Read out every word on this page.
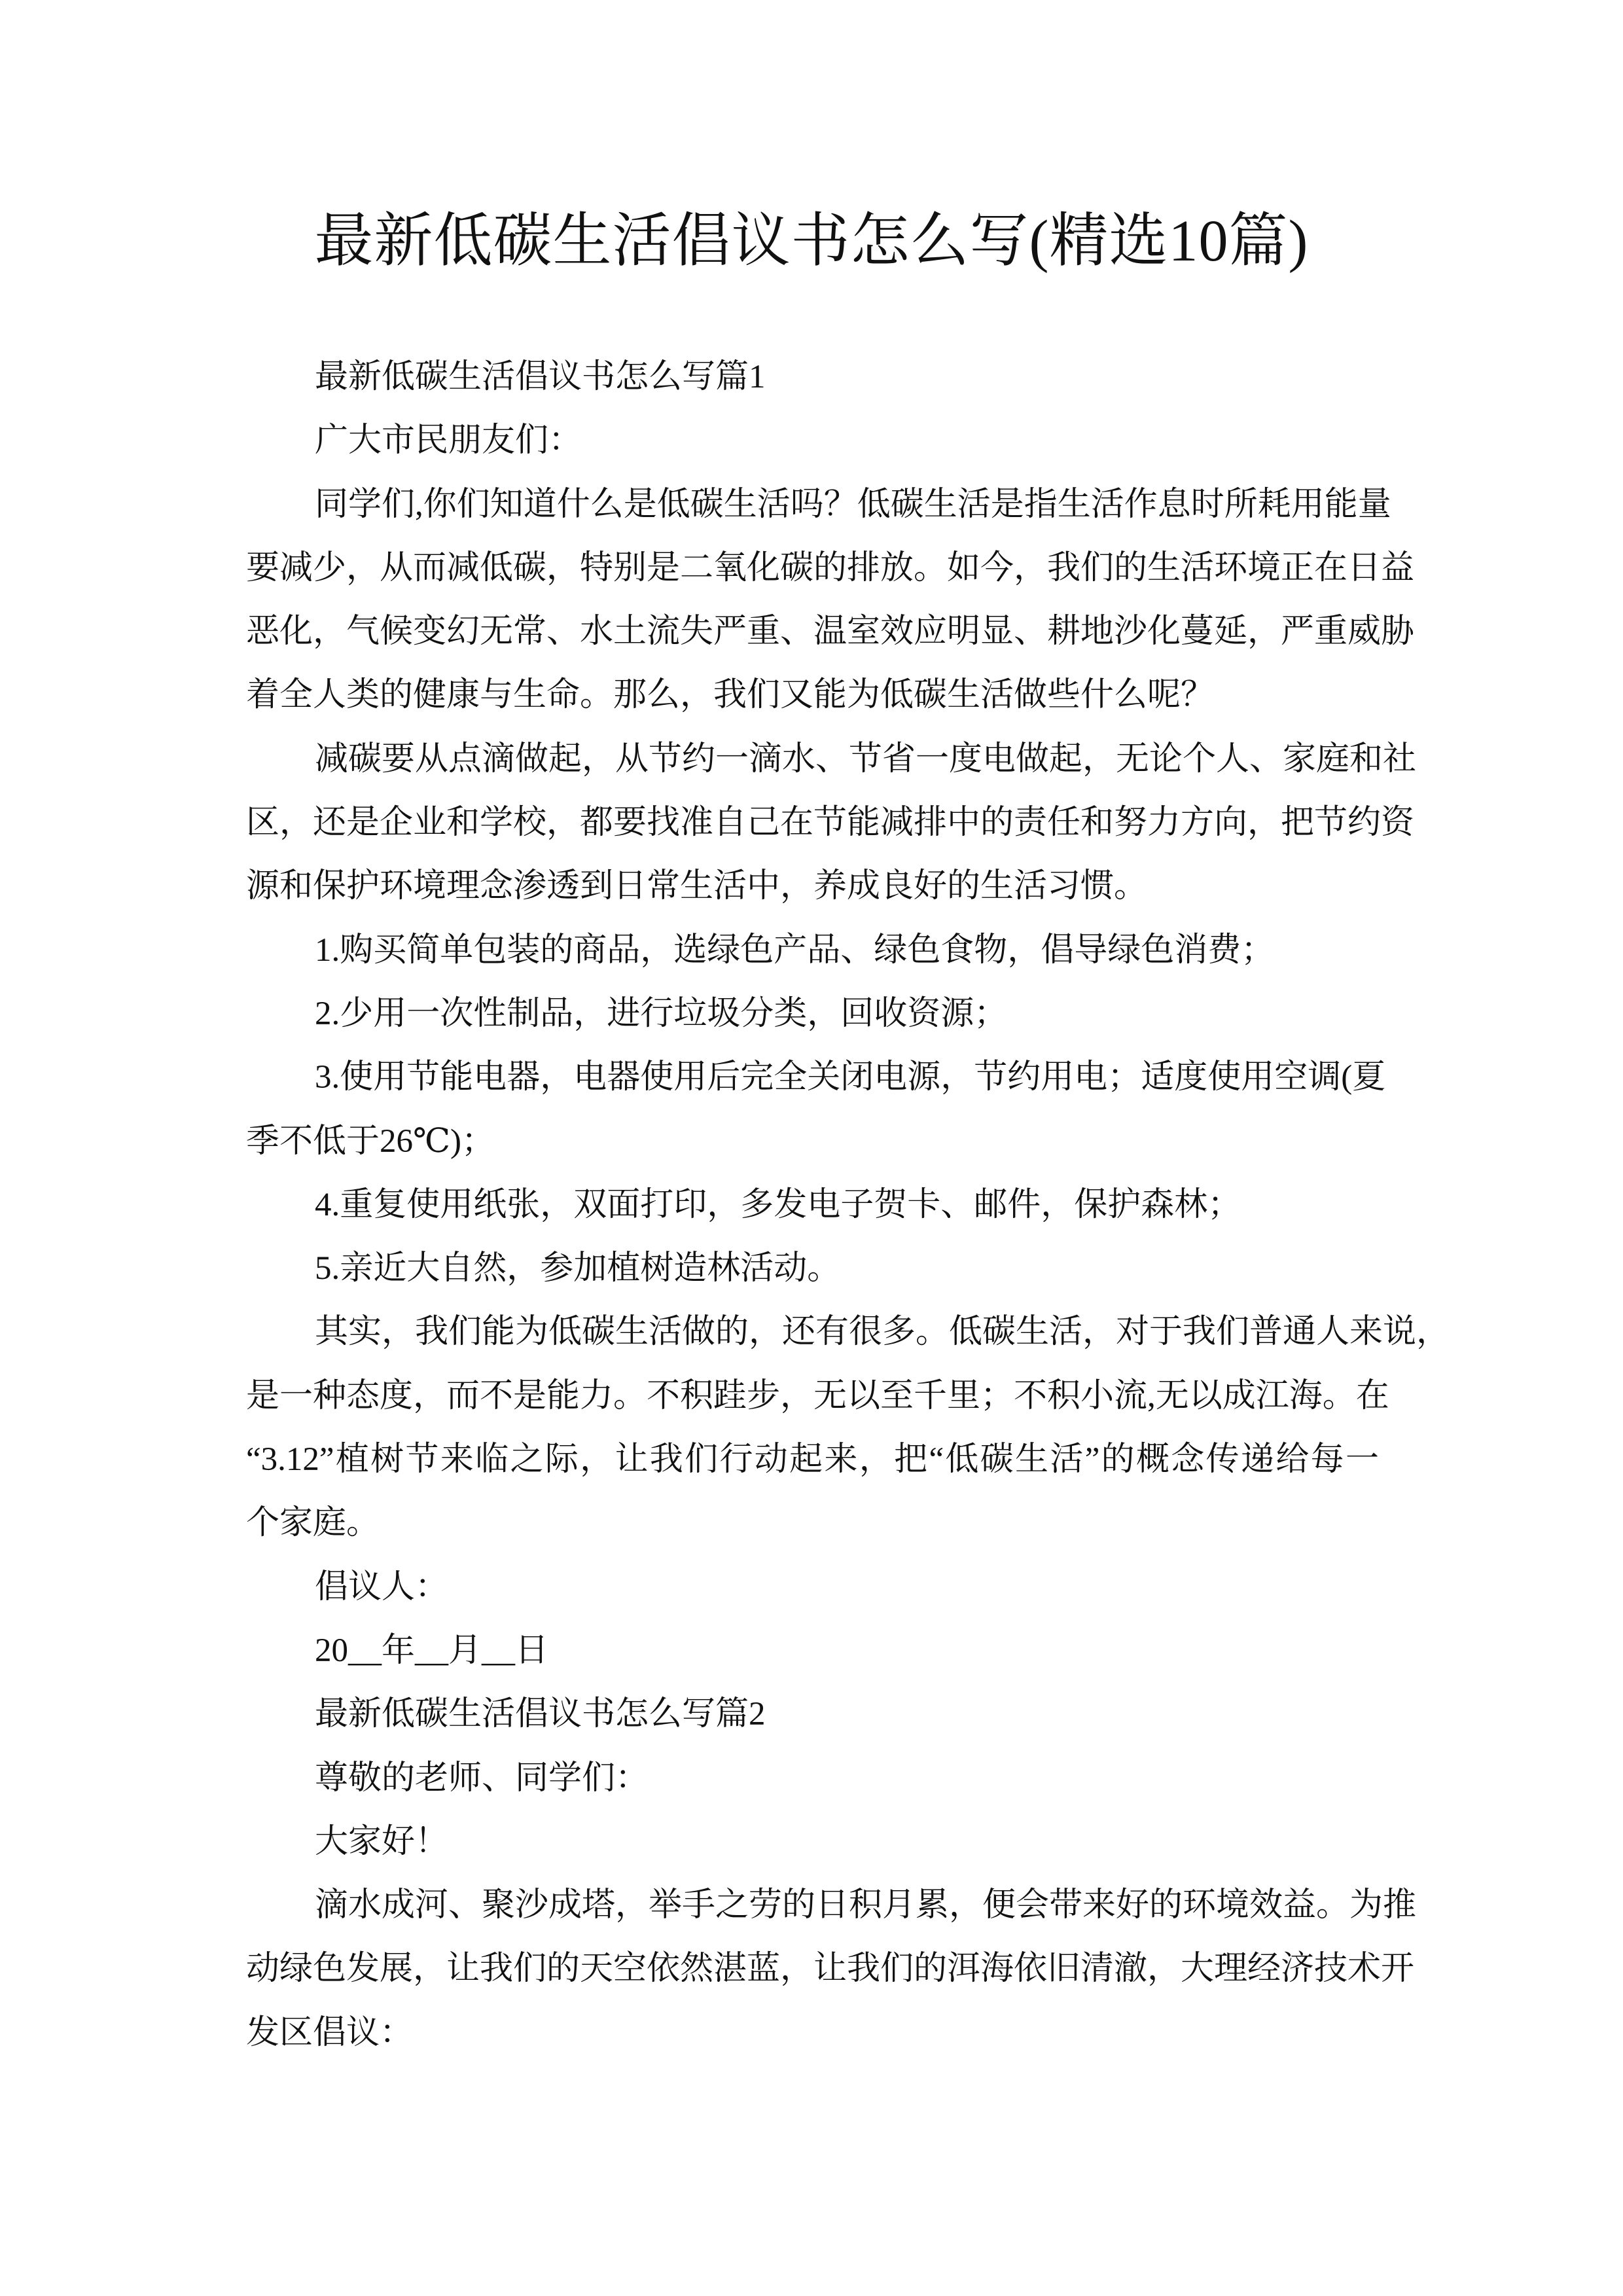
最新低碳生活倡议书怎么写(精选10篇)
最新低碳生活倡议书怎么写篇1
广大市民朋友们：
同学们,你们知道什么是低碳生活吗？低碳生活是指生活作息时所耗用能量
要减少，从而减低碳，特别是二氧化碳的排放。如今，我们的生活环境正在日益
恶化，气候变幻无常、水土流失严重、温室效应明显、耕地沙化蔓延，严重威胁
着全人类的健康与生命。那么，我们又能为低碳生活做些什么呢？
减碳要从点滴做起，从节约一滴水、节省一度电做起，无论个人、家庭和社
区，还是企业和学校，都要找准自己在节能减排中的责任和努力方向，把节约资
源和保护环境理念渗透到日常生活中，养成良好的生活习惯。
1.购买简单包装的商品，选绿色产品、绿色食物，倡导绿色消费；
2.少用一次性制品，进行垃圾分类，回收资源；
3.使用节能电器，电器使用后完全关闭电源，节约用电；适度使用空调(夏
季不低于26℃)；
4.重复使用纸张，双面打印，多发电子贺卡、邮件，保护森林；
5.亲近大自然，参加植树造林活动。
其实，我们能为低碳生活做的，还有很多。低碳生活，对于我们普通人来说，
是一种态度，而不是能力。不积跬步，无以至千里；不积小流,无以成江海。在
“3.12”植树节来临之际，让我们行动起来，把“低碳生活”的概念传递给每一
个家庭。
倡议人：
20__年__月__日
最新低碳生活倡议书怎么写篇2
尊敬的老师、同学们：
大家好！
滴水成河、聚沙成塔，举手之劳的日积月累，便会带来好的环境效益。为推
动绿色发展，让我们的天空依然湛蓝，让我们的洱海依旧清澈，大理经济技术开
发区倡议：
